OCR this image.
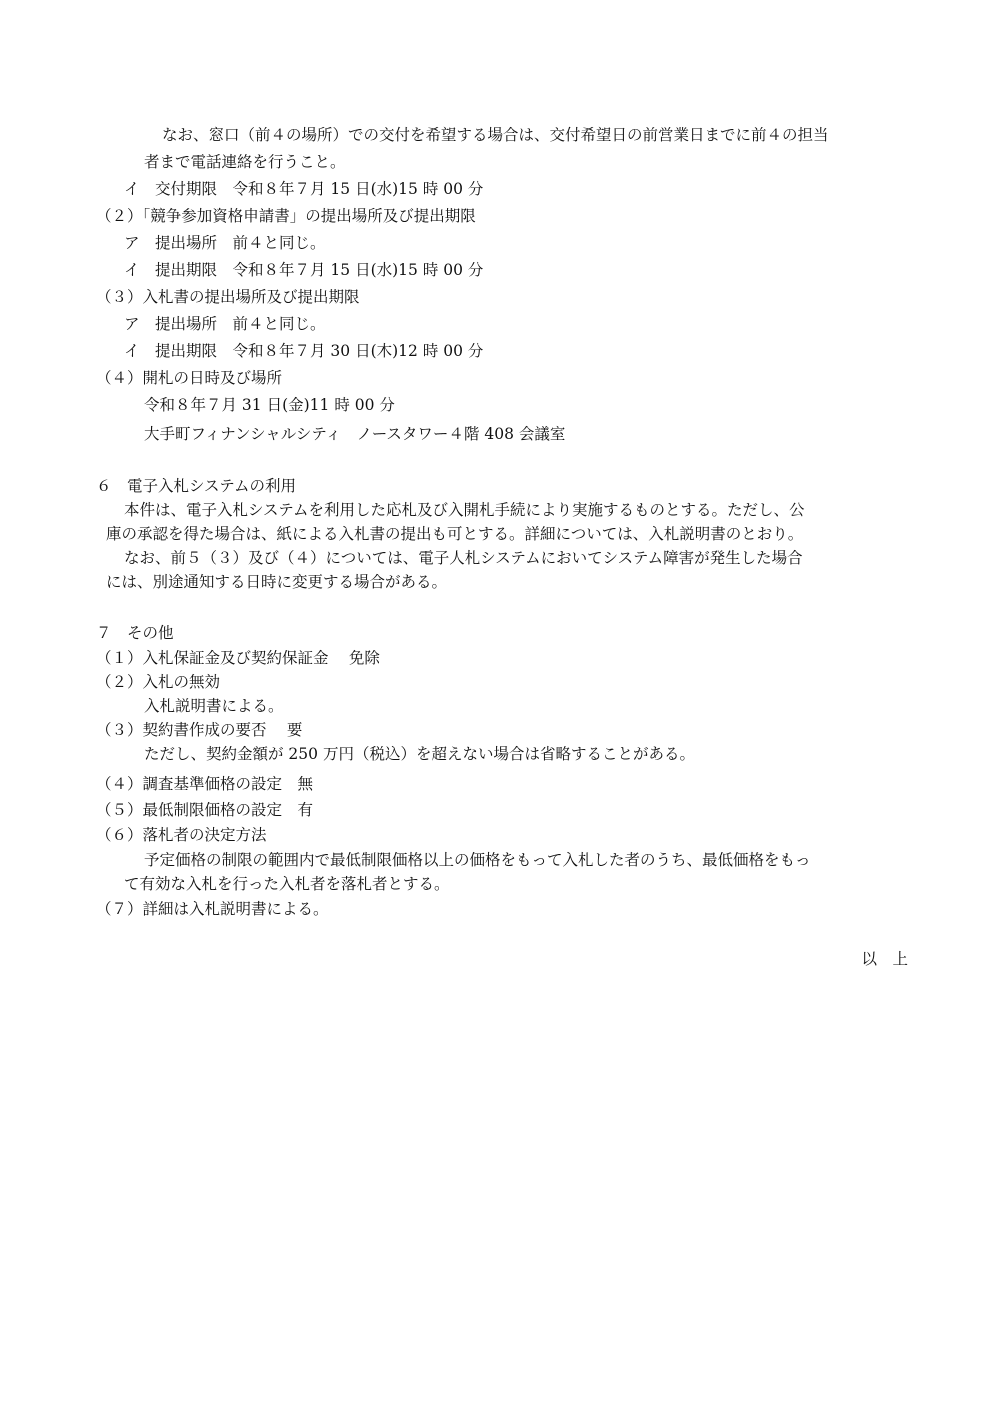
なお、窓口（前４の場所）での交付を希望する場合は、交付希望日の前営業日までに前４の担当
者まで電話連絡を行うこと。
イ　交付期限　令和８年７月 15 日(水)15 時 00 分
（２）「競争参加資格申請書」の提出場所及び提出期限
ア　提出場所　前４と同じ。
イ　提出期限　令和８年７月 15 日(水)15 時 00 分
（３）入札書の提出場所及び提出期限
ア　提出場所　前４と同じ。
イ　提出期限　令和８年７月 30 日(木)12 時 00 分
（４）開札の日時及び場所
令和８年７月 31 日(金)11 時 00 分
大手町フィナンシャルシティ　ノースタワー４階 408 会議室
６　電子入札システムの利用
本件は、電子入札システムを利用した応札及び入開札手続により実施するものとする。ただし、公
庫の承認を得た場合は、紙による入札書の提出も可とする。詳細については、入札説明書のとおり。
なお、前５（３）及び（４）については、電子人札システムにおいてシステム障害が発生した場合
には、別途通知する日時に変更する場合がある。
７　その他
（１）入札保証金及び契約保証金　 免除
（２）入札の無効
入札説明書による。
（３）契約書作成の要否　 要
ただし、契約金額が 250 万円（税込）を超えない場合は省略することがある。
（４）調査基準価格の設定　無
（５）最低制限価格の設定　有
（６）落札者の決定方法
予定価格の制限の範囲内で最低制限価格以上の価格をもって入札した者のうち、最低価格をもっ
て有効な入札を行った入札者を落札者とする。
（７）詳細は入札説明書による。
以　上
